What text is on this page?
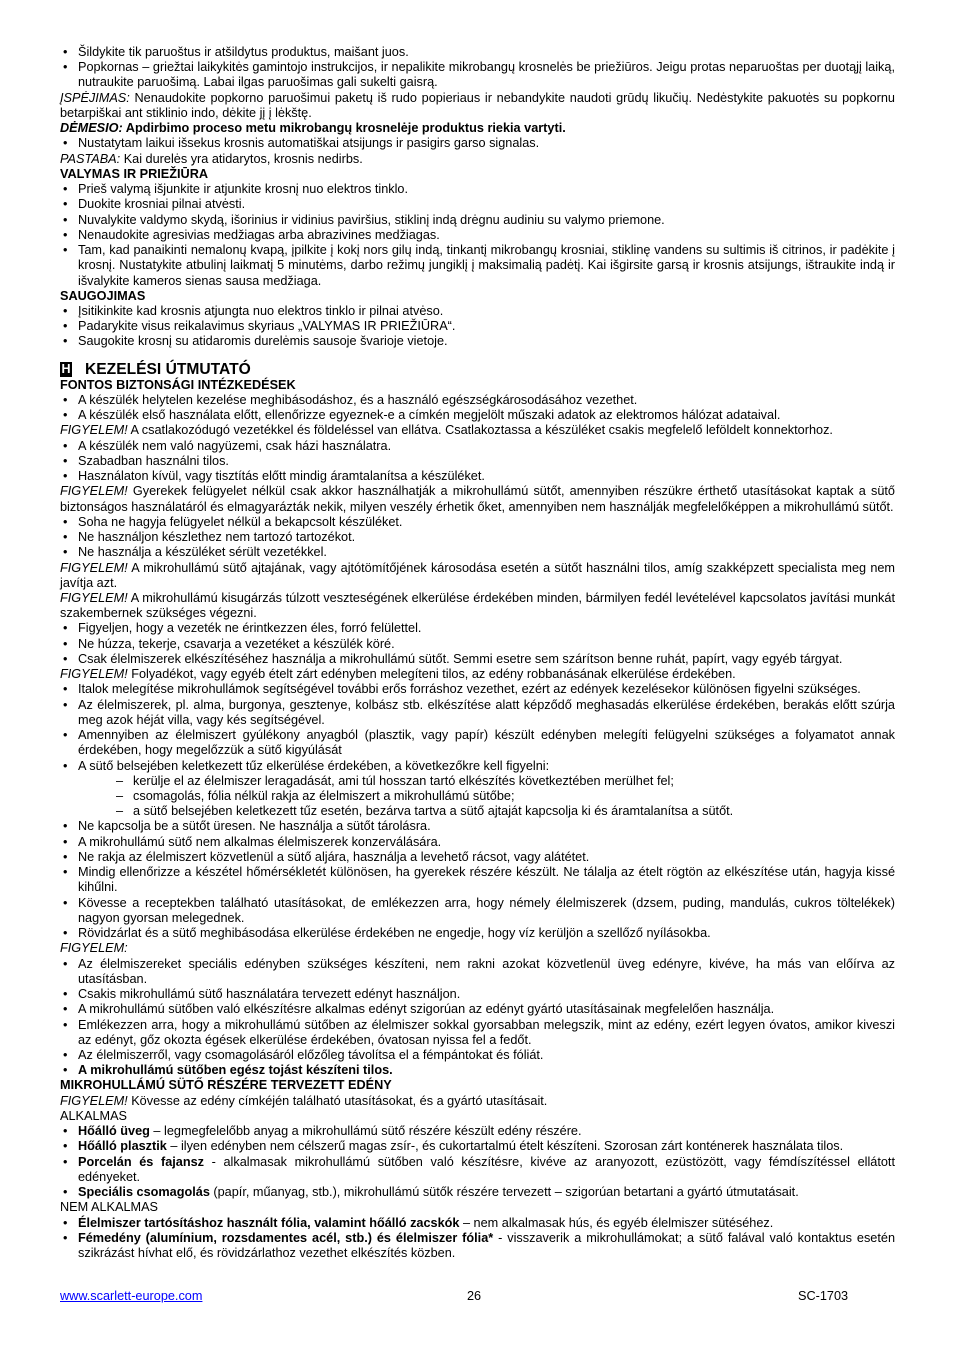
• Šildykite tik paruoštus ir atšildytus produktus, maišant juos.
• Popkornas – griežtai laikykitės gamintojo instrukcijos, ir nepalikite mikrobangų krosnelės be priežiūros. Jeigu protas neparuoštas per duotąjį laiką, nutraukite paruošimą. Labai ilgas paruošimas gali sukelti gaisrą.
ĮSPĖJIMAS: Nenaudokite popkorno paruošimui paketų iš rudo popieriaus ir nebandykite naudoti grūdų likučių. Nedėstykite pakuotės su popkornu betarpiškai ant stiklinio indo, dėkite jį į lėkštę.
DĖMESIO: Apdirbimo proceso metu mikrobangų krosnelėje produktus riekia vartyti.
• Nustatytam laikui išsekus krosnis automatiškai atsijungs ir pasigirs garso signalas.
PASTABA: Kai durelės yra atidarytos, krosnis nedirbs.
VALYMAS IR PRIEŽIŪRA
• Prieš valymą išjunkite ir atjunkite krosnį nuo elektros tinklo.
• Duokite krosniai pilnai atvėsti.
• Nuvalykite valdymo skydą, išorinius ir vidinius paviršius, stiklinį indą drėgnu audiniu su valymo priemone.
• Nenaudokite agresivias medžiagas arba abrazivines medžiagas.
• Tam, kad panaikinti nemalonų kvapą, įpilkite į kokį nors gilų indą, tinkantį mikrobangų krosniai, stiklinę vandens su sultimis iš citrinos, ir padėkite į krosnį. Nustatykite atbulinį laikmatį 5 minutėms, darbo režimų jungiklį į maksimalią padėtį. Kai išgirsite garsą ir krosnis atsijungs, ištraukite indą ir išvalykite kameros sienas sausa medžiaga.
SAUGOJIMAS
• Įsitikinkite kad krosnis atjungta nuo elektros tinklo ir pilnai atvėso.
• Padarykite visus reikalavimus skyriaus „VALYMAS IR PRIEŽIŪRA“.
• Saugokite krosnį su atidaromis durelėmis sausoje švarioje vietoje.
H KEZELÉSI ÚTMUTATÓ
FONTOS BIZTONSÁGI INTÉZKEDÉSEK
• A készülék helytelen kezelése meghibásodáshoz, és a használó egészségkárosodásához vezethet.
• A készülék első használata előtt, ellenőrizze egyeznek-e a címkén megjelölt műszaki adatok az elektromos hálózat adataival.
FIGYELEM! A csatlakozódugó vezetékkel és földeléssel van ellátva. Csatlakoztassa a készüléket csakis megfelelő leföldelt konnektorhoz.
• A készülék nem való nagyüzemi, csak házi használatra.
• Szabadban használni tilos.
• Használaton kívül, vagy tisztítás előtt mindig áramtalanítsa a készüléket.
FIGYELEM! Gyerekek felügyelet nélkül csak akkor használhatják a mikrohullámú sütőt, amennyiben részükre érthető utasításokat kaptak a sütő biztonságos használatáról és elmagyarázták nekik, milyen veszély érhetik őket, amennyiben nem használják megfelelőképpen a mikrohullámú sütőt.
• Soha ne hagyja felügyelet nélkül a bekapcsolt készüléket.
• Ne használjon készlethez nem tartozó tartozékot.
• Ne használja a készüléket sérült vezetékkel.
FIGYELEM! A mikrohullámú sütő ajtajának, vagy ajtótömítőjének károsodása esetén a sütőt használni tilos, amíg szakképzett specialista meg nem javítja azt.
FIGYELEM! A mikrohullámú kisugárzás túlzott veszteségének elkerülése érdekében minden, bármilyen fedél levételével kapcsolatos javítási munkát szakembernek szükséges végezni.
• Figyeljen, hogy a vezeték ne érintkezzen éles, forró felülettel.
• Ne húzza, tekerje, csavarja a vezetéket a készülék köré.
• Csak élelmiszerek elkészítéséhez használja a mikrohullámú sütőt. Semmi esetre sem szárítson benne ruhát, papírt, vagy egyéb tárgyat.
FIGYELEM! Folyadékot, vagy egyéb ételt zárt edényben melegíteni tilos, az edény robbanásának elkerülése érdekében.
• Italok melegítése mikrohullámok segítségével további erős forráshoz vezethet, ezért az edények kezelésekor különösen figyelni szükséges.
• Az élelmiszerek, pl. alma, burgonya, gesztenye, kolbász stb. elkészítése alatt képződő meghasadás elkerülése érdekében, berakás előtt szúrja meg azok héját villa, vagy kés segítségével.
• Amennyiben az élelmiszert gyúlékony anyagból (plasztik, vagy papír) készült edényben melegíti felügyelni szükséges a folyamatot annak érdekében, hogy megelőzzük a sütő kigyúlását
• A sütő belsejében keletkezett tűz elkerülése érdekében, a következőkre kell figyelni:
– kerülje el az élelmiszer leragadását, ami túl hosszan tartó elkészítés következtében merülhet fel;
– csomagolás, fólia nélkül rakja az élelmiszert a mikrohullámú sütőbe;
– a sütő belsejében keletkezett tűz esetén, bezárva tartva a sütő ajtaját kapcsolja ki és áramtalanítsa a sütőt.
• Ne kapcsolja be a sütőt üresen. Ne használja a sütőt tárolásra.
• A mikrohullámú sütő nem alkalmas élelmiszerek konzerválására.
• Ne rakja az élelmiszert közvetlenül a sütő aljára, használja a levehető rácsot, vagy alátétet.
• Mindig ellenőrizze a készétel hőmérsékletét különösen, ha gyerekek részére készült. Ne tálalja az ételt rögtön az elkészítése után, hagyja kissé kihűlni.
• Kövesse a receptekben található utasításokat, de emlékezzen arra, hogy némely élelmiszerek (dzsem, puding, mandulás, cukros töltelékek) nagyon gyorsan melegednek.
• Rövidzárlat és a sütő meghibásodása elkerülése érdekében ne engedje, hogy víz kerüljön a szellőző nyílásokba.
FIGYELEM:
• Az élelmiszereket speciális edényben szükséges készíteni, nem rakni azokat közvetlenül üveg edényre, kivéve, ha más van előírva az utasításban.
• Csakis mikrohullámú sütő használatára tervezett edényt használjon.
• A mikrohullámú sütőben való elkészítésre alkalmas edényt szigorúan az edényt gyártó utasításainak megfelelően használja.
• Emlékezzen arra, hogy a mikrohullámú sütőben az élelmiszer sokkal gyorsabban melegszik, mint az edény, ezért legyen óvatos, amikor kiveszi az edényt, gőz okozta égések elkerülése érdekében, óvatosan nyissa fel a fedőt.
• Az élelmiszerről, vagy csomagolásáról előzőleg távolítsa el a fémpántokat és fóliát.
• A mikrohullámú sütőben egész tojást készíteni tilos.
MIKROHULLÁMÚ SÜTŐ RÉSZÉRE TERVEZETT EDÉNY
FIGYELEM! Kövesse az edény címkéjén található utasításokat, és a gyártó utasításait.
ALKALMAS
• Hőálló üveg – legmegfelelőbb anyag a mikrohullámú sütő részére készült edény részére.
• Hőálló plasztik – ilyen edényben nem célszerű magas zsír-, és cukortartalmú ételt készíteni. Szorosan zárt konténerek használata tilos.
• Porcelán és fajansz - alkalmasak mikrohullámú sütőben való készítésre, kivéve az aranyozott, ezüstözött, vagy fémdíszítéssel ellátott edényeket.
• Speciális csomagolás (papír, műanyag, stb.), mikrohullámú sütők részére tervezett – szigorúan betartani a gyártó útmutatásait.
NEM ALKALMAS
• Élelmiszer tartósításhoz használt fólia, valamint hőálló zacskók – nem alkalmasak hús, és egyéb élelmiszer sütéséhez.
• Fémedény (alumínium, rozsdamentes acél, stb.) és élelmiszer fólia* - visszaverik a mikrohullámokat; a sütő falával való kontaktus esetén szikrázást hívhat elő, és rövidzárlathoz vezethet elkészítés közben.
www.scarlett-europe.com	26	SC-1703
